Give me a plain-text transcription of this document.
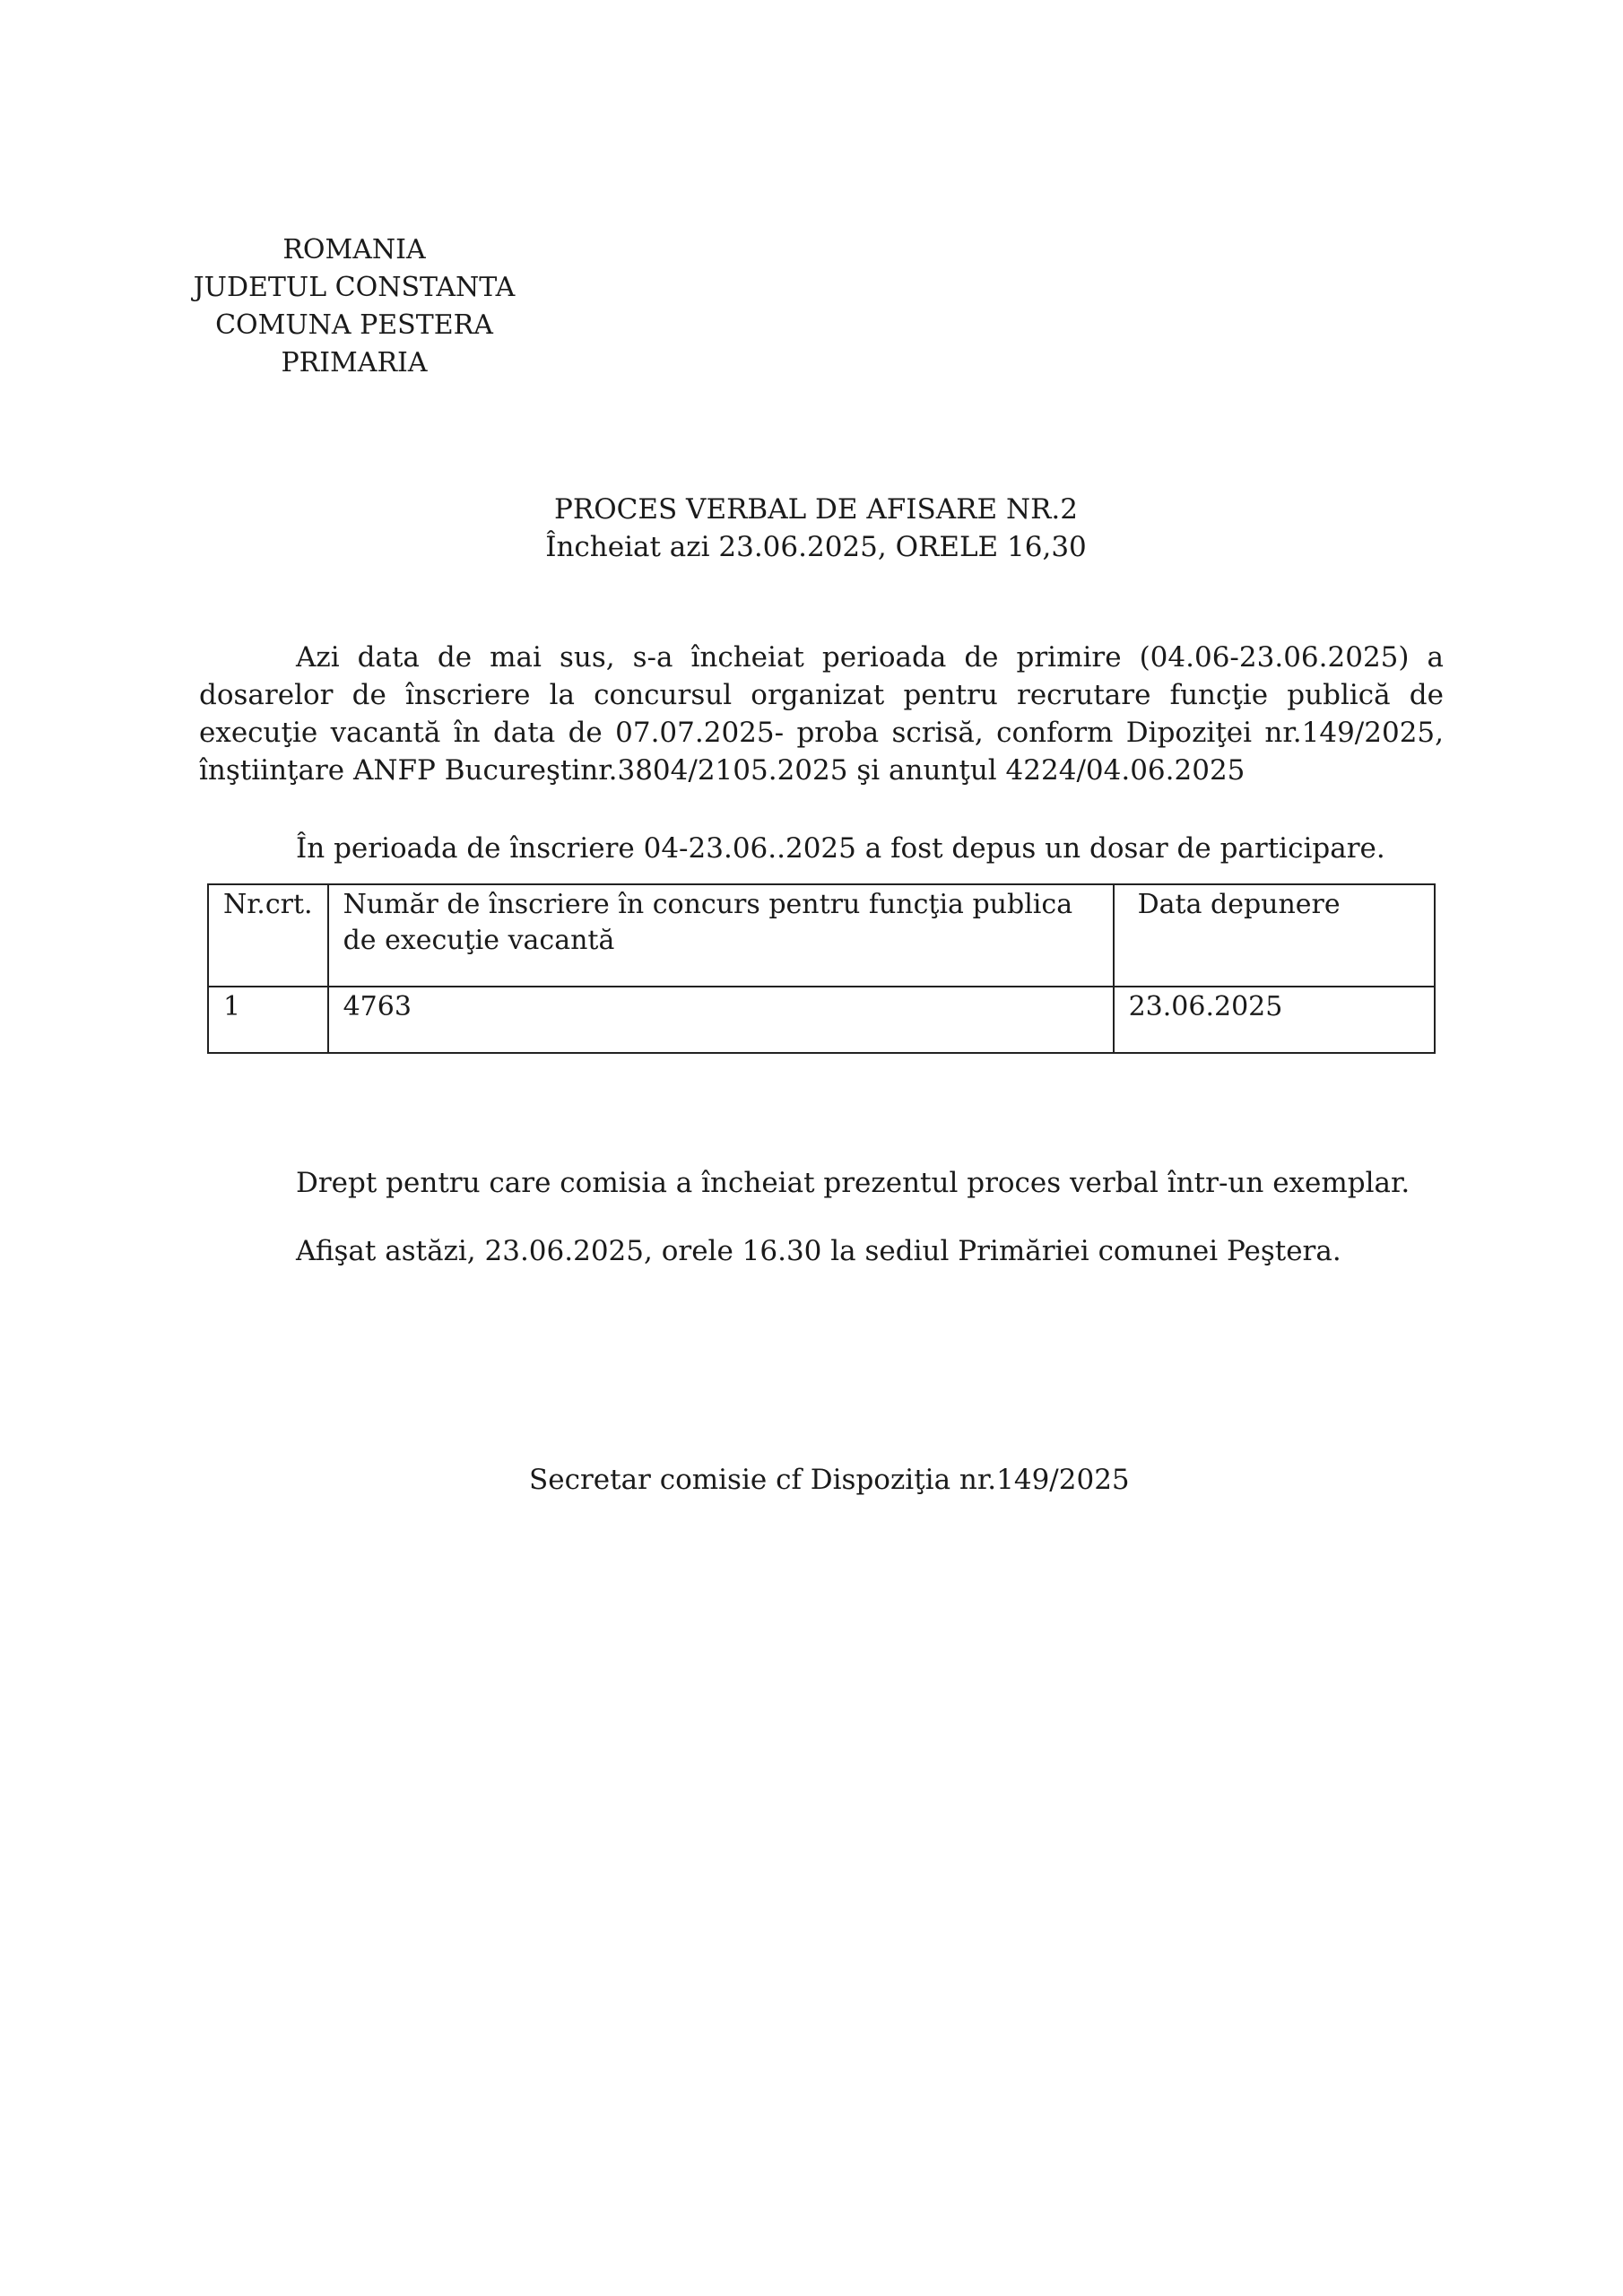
ROMANIA
JUDETUL CONSTANTA
COMUNA PESTERA
PRIMARIA
PROCES VERBAL DE AFISARE NR.2
Încheiat azi 23.06.2025, ORELE 16,30
Azi data de mai sus, s-a încheiat perioada de primire (04.06-23.06.2025) a dosarelor de înscriere la concursul organizat pentru recrutare funcţie publică de execuţie vacantă în data de 07.07.2025- proba scrisă, conform Dipoziţei nr.149/2025, înştiinţare ANFP Bucureştinr.3804/2105.2025 şi anunţul 4224/04.06.2025
În perioada de înscriere 04-23.06..2025 a fost depus un dosar de participare.
Nr.crt.	Număr de înscriere în concurs pentru funcţia publica de execuţie vacantă	Data depunere
1	4763	23.06.2025
Drept pentru care comisia a încheiat prezentul proces verbal într-un exemplar.
Afişat astăzi, 23.06.2025, orele 16.30 la sediul Primăriei comunei Peştera.
Secretar comisie cf Dispoziţia nr.149/2025
